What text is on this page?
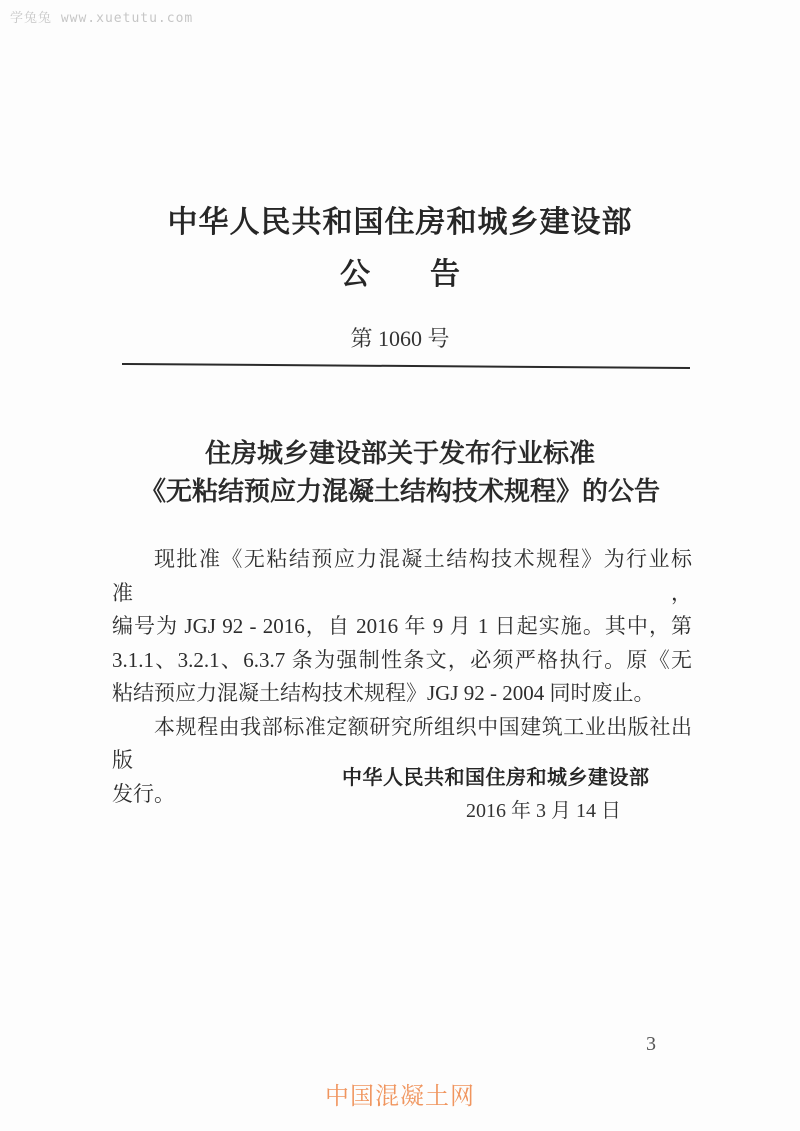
学兔兔 www.xuetutu.com
中华人民共和国住房和城乡建设部
公　　告
第 1060 号
住房城乡建设部关于发布行业标准
《无粘结预应力混凝土结构技术规程》的公告

现批准《无粘结预应力混凝土结构技术规程》为行业标准，

编号为 JGJ 92 - 2016，自 2016 年 9 月 1 日起实施。其中，第

3.1.1、3.2.1、6.3.7 条为强制性条文，必须严格执行。原《无

粘结预应力混凝土结构技术规程》JGJ 92 - 2004 同时废止。

本规程由我部标准定额研究所组织中国建筑工业出版社出版

发行。

中华人民共和国住房和城乡建设部
2016 年 3 月 14 日
3
中国混凝土网
